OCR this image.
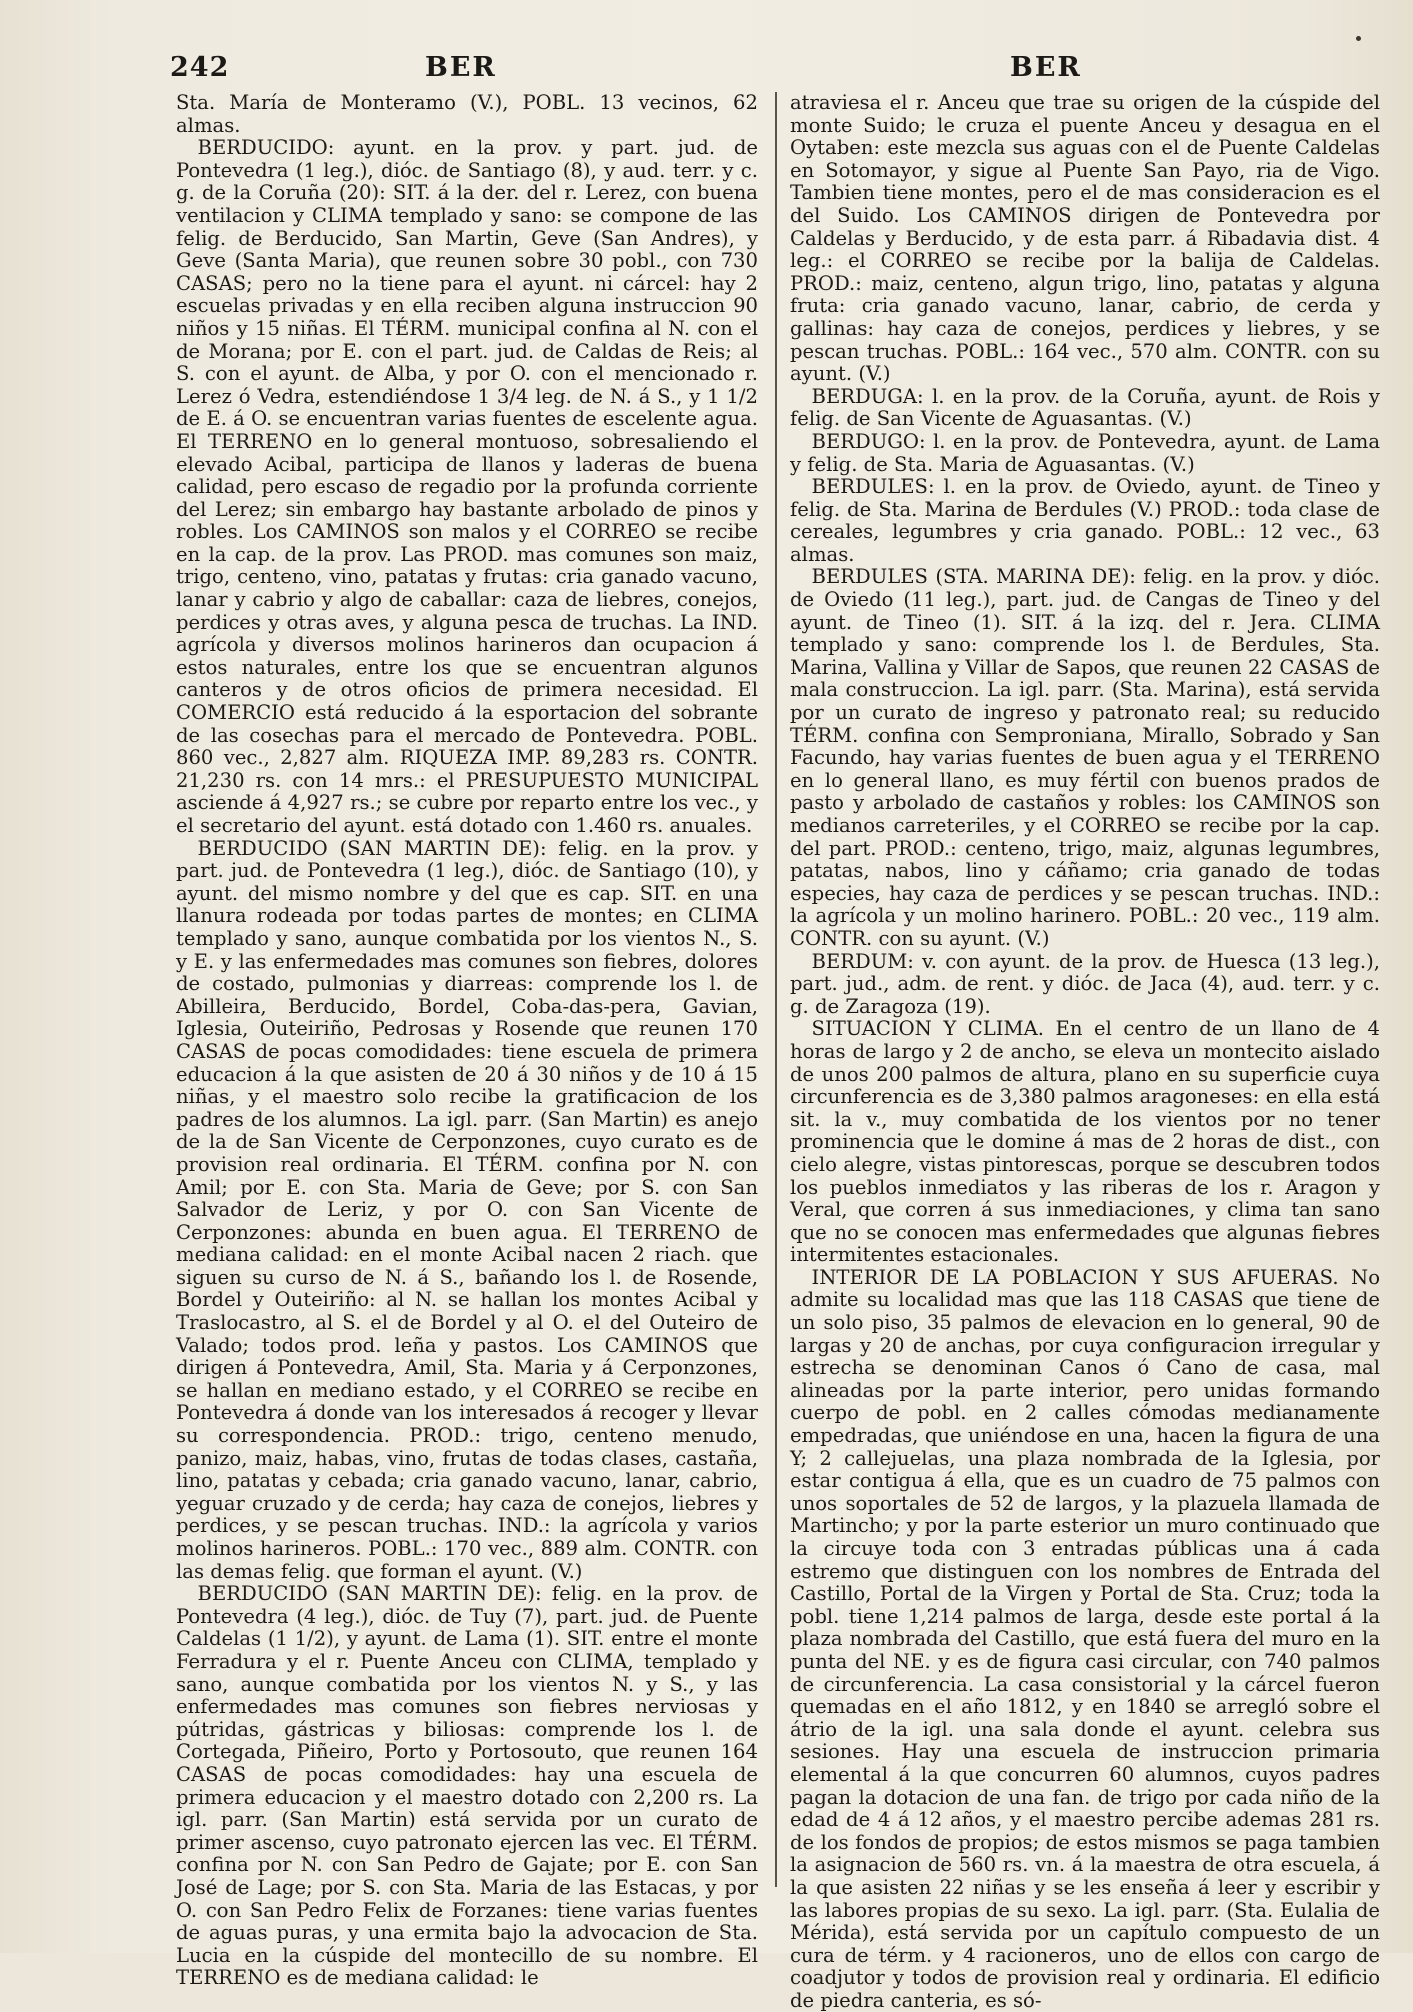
242	BER	BER

Sta. María de Monteramo (V.), POBL. 13 vecinos, 62 almas.

BERDUCIDO: ayunt. en la prov. y part. jud. de Pontevedra (1 leg.), dióc. de Santiago (8), y aud. terr. y c. g. de la Coruña (20): SIT. á la der. del r. Lerez, con buena ventilacion y CLIMA templado y sano: se compone de las felig. de Berducido, San Martin, Geve (San Andres), y Geve (Santa Maria), que reunen sobre 30 pobl., con 730 CASAS; pero no la tiene para el ayunt. ni cárcel: hay 2 escuelas privadas y en ella reciben alguna instruccion 90 niños y 15 niñas. El TÉRM. municipal confina al N. con el de Morana; por E. con el part. jud. de Caldas de Reis; al S. con el ayunt. de Alba, y por O. con el mencionado r. Lerez ó Vedra, estendiéndose 1 3/4 leg. de N. á S., y 1 1/2 de E. á O. se encuentran varias fuentes de escelente agua. El TERRENO en lo general montuoso, sobresaliendo el elevado Acibal, participa de llanos y laderas de buena calidad, pero escaso de regadio por la profunda corriente del Lerez; sin embargo hay bastante arbolado de pinos y robles. Los CAMINOS son malos y el CORREO se recibe en la cap. de la prov. Las PROD. mas comunes son maiz, trigo, centeno, vino, patatas y frutas: cria ganado vacuno, lanar y cabrio y algo de caballar: caza de liebres, conejos, perdices y otras aves, y alguna pesca de truchas. La IND. agrícola y diversos molinos harineros dan ocupacion á estos naturales, entre los que se encuentran algunos canteros y de otros oficios de primera necesidad. El COMERCIO está reducido á la esportacion del sobrante de las cosechas para el mercado de Pontevedra. POBL. 860 vec., 2,827 alm. RIQUEZA IMP. 89,283 rs. CONTR. 21,230 rs. con 14 mrs.: el PRESUPUESTO MUNICIPAL asciende á 4,927 rs.; se cubre por reparto entre los vec., y el secretario del ayunt. está dotado con 1.460 rs. anuales.

BERDUCIDO (SAN MARTIN DE): felig. en la prov. y part. jud. de Pontevedra (1 leg.), dióc. de Santiago (10), y ayunt. del mismo nombre y del que es cap. SIT. en una llanura rodeada por todas partes de montes; en CLIMA templado y sano, aunque combatida por los vientos N., S. y E. y las enfermedades mas comunes son fiebres, dolores de costado, pulmonias y diarreas: comprende los l. de Abilleira, Berducido, Bordel, Coba-das-pera, Gavian, Iglesia, Outeiriño, Pedrosas y Rosende que reunen 170 CASAS de pocas comodidades: tiene escuela de primera educacion á la que asisten de 20 á 30 niños y de 10 á 15 niñas, y el maestro solo recibe la gratificacion de los padres de los alumnos. La igl. parr. (San Martin) es anejo de la de San Vicente de Cerponzones, cuyo curato es de provision real ordinaria. El TÉRM. confina por N. con Amil; por E. con Sta. Maria de Geve; por S. con San Salvador de Leriz, y por O. con San Vicente de Cerponzones: abunda en buen agua. El TERRENO de mediana calidad: en el monte Acibal nacen 2 riach. que siguen su curso de N. á S., bañando los l. de Rosende, Bordel y Outeiriño: al N. se hallan los montes Acibal y Traslocastro, al S. el de Bordel y al O. el del Outeiro de Valado; todos prod. leña y pastos. Los CAMINOS que dirigen á Pontevedra, Amil, Sta. Maria y á Cerponzones, se hallan en mediano estado, y el CORREO se recibe en Pontevedra á donde van los interesados á recoger y llevar su correspondencia. PROD.: trigo, centeno menudo, panizo, maiz, habas, vino, frutas de todas clases, castaña, lino, patatas y cebada; cria ganado vacuno, lanar, cabrio, yeguar cruzado y de cerda; hay caza de conejos, liebres y perdices, y se pescan truchas. IND.: la agrícola y varios molinos harineros. POBL.: 170 vec., 889 alm. CONTR. con las demas felig. que forman el ayunt. (V.)

BERDUCIDO (SAN MARTIN DE): felig. en la prov. de Pontevedra (4 leg.), dióc. de Tuy (7), part. jud. de Puente Caldelas (1 1/2), y ayunt. de Lama (1). SIT. entre el monte Ferradura y el r. Puente Anceu con CLIMA, templado y sano, aunque combatida por los vientos N. y S., y las enfermedades mas comunes son fiebres nerviosas y pútridas, gástricas y biliosas: comprende los l. de Cortegada, Piñeiro, Porto y Portosouto, que reunen 164 CASAS de pocas comodidades: hay una escuela de primera educacion y el maestro dotado con 2,200 rs. La igl. parr. (San Martin) está servida por un curato de primer ascenso, cuyo patronato ejercen las vec. El TÉRM. confina por N. con San Pedro de Gajate; por E. con San José de Lage; por S. con Sta. Maria de las Estacas, y por O. con San Pedro Felix de Forzanes: tiene varias fuentes de aguas puras, y una ermita bajo la advocacion de Sta. Lucia en la cúspide del montecillo de su nombre. El TERRENO es de mediana calidad: le

atraviesa el r. Anceu que trae su origen de la cúspide del monte Suido; le cruza el puente Anceu y desagua en el Oytaben: este mezcla sus aguas con el de Puente Caldelas en Sotomayor, y sigue al Puente San Payo, ria de Vigo. Tambien tiene montes, pero el de mas consideracion es el del Suido. Los CAMINOS dirigen de Pontevedra por Caldelas y Berducido, y de esta parr. á Ribadavia dist. 4 leg.: el CORREO se recibe por la balija de Caldelas. PROD.: maiz, centeno, algun trigo, lino, patatas y alguna fruta: cria ganado vacuno, lanar, cabrio, de cerda y gallinas: hay caza de conejos, perdices y liebres, y se pescan truchas. POBL.: 164 vec., 570 alm. CONTR. con su ayunt. (V.)

BERDUGA: l. en la prov. de la Coruña, ayunt. de Rois y felig. de San Vicente de Aguasantas. (V.)

BERDUGO: l. en la prov. de Pontevedra, ayunt. de Lama y felig. de Sta. Maria de Aguasantas. (V.)

BERDULES: l. en la prov. de Oviedo, ayunt. de Tineo y felig. de Sta. Marina de Berdules (V.) PROD.: toda clase de cereales, legumbres y cria ganado. POBL.: 12 vec., 63 almas.

BERDULES (STA. MARINA DE): felig. en la prov. y dióc. de Oviedo (11 leg.), part. jud. de Cangas de Tineo y del ayunt. de Tineo (1). SIT. á la izq. del r. Jera. CLIMA templado y sano: comprende los l. de Berdules, Sta. Marina, Vallina y Villar de Sapos, que reunen 22 CASAS de mala construccion. La igl. parr. (Sta. Marina), está servida por un curato de ingreso y patronato real; su reducido TÉRM. confina con Semproniana, Mirallo, Sobrado y San Facundo, hay varias fuentes de buen agua y el TERRENO en lo general llano, es muy fértil con buenos prados de pasto y arbolado de castaños y robles: los CAMINOS son medianos carreteriles, y el CORREO se recibe por la cap. del part. PROD.: centeno, trigo, maiz, algunas legumbres, patatas, nabos, lino y cáñamo; cria ganado de todas especies, hay caza de perdices y se pescan truchas. IND.: la agrícola y un molino harinero. POBL.: 20 vec., 119 alm. CONTR. con su ayunt. (V.)

BERDUM: v. con ayunt. de la prov. de Huesca (13 leg.), part. jud., adm. de rent. y dióc. de Jaca (4), aud. terr. y c. g. de Zaragoza (19).

SITUACION Y CLIMA. En el centro de un llano de 4 horas de largo y 2 de ancho, se eleva un montecito aislado de unos 200 palmos de altura, plano en su superficie cuya circunferencia es de 3,380 palmos aragoneses: en ella está sit. la v., muy combatida de los vientos por no tener prominencia que le domine á mas de 2 horas de dist., con cielo alegre, vistas pintorescas, porque se descubren todos los pueblos inmediatos y las riberas de los r. Aragon y Veral, que corren á sus inmediaciones, y clima tan sano que no se conocen mas enfermedades que algunas fiebres intermitentes estacionales.

INTERIOR DE LA POBLACION Y SUS AFUERAS. No admite su localidad mas que las 118 CASAS que tiene de un solo piso, 35 palmos de elevacion en lo general, 90 de largas y 20 de anchas, por cuya configuracion irregular y estrecha se denominan Canos ó Cano de casa, mal alineadas por la parte interior, pero unidas formando cuerpo de pobl. en 2 calles cómodas medianamente empedradas, que uniéndose en una, hacen la figura de una Y; 2 callejuelas, una plaza nombrada de la Iglesia, por estar contigua á ella, que es un cuadro de 75 palmos con unos soportales de 52 de largos, y la plazuela llamada de Martincho; y por la parte esterior un muro continuado que la circuye toda con 3 entradas públicas una á cada estremo que distinguen con los nombres de Entrada del Castillo, Portal de la Virgen y Portal de Sta. Cruz; toda la pobl. tiene 1,214 palmos de larga, desde este portal á la plaza nombrada del Castillo, que está fuera del muro en la punta del NE. y es de figura casi circular, con 740 palmos de circunferencia. La casa consistorial y la cárcel fueron quemadas en el año 1812, y en 1840 se arregló sobre el átrio de la igl. una sala donde el ayunt. celebra sus sesiones. Hay una escuela de instruccion primaria elemental á la que concurren 60 alumnos, cuyos padres pagan la dotacion de una fan. de trigo por cada niño de la edad de 4 á 12 años, y el maestro percibe ademas 281 rs. de los fondos de propios; de estos mismos se paga tambien la asignacion de 560 rs. vn. á la maestra de otra escuela, á la que asisten 22 niñas y se les enseña á leer y escribir y las labores propias de su sexo. La igl. parr. (Sta. Eulalia de Mérida), está servida por un capítulo compuesto de un cura de térm. y 4 racioneros, uno de ellos con cargo de coadjutor y todos de provision real y ordinaria. El edificio de piedra canteria, es só-
